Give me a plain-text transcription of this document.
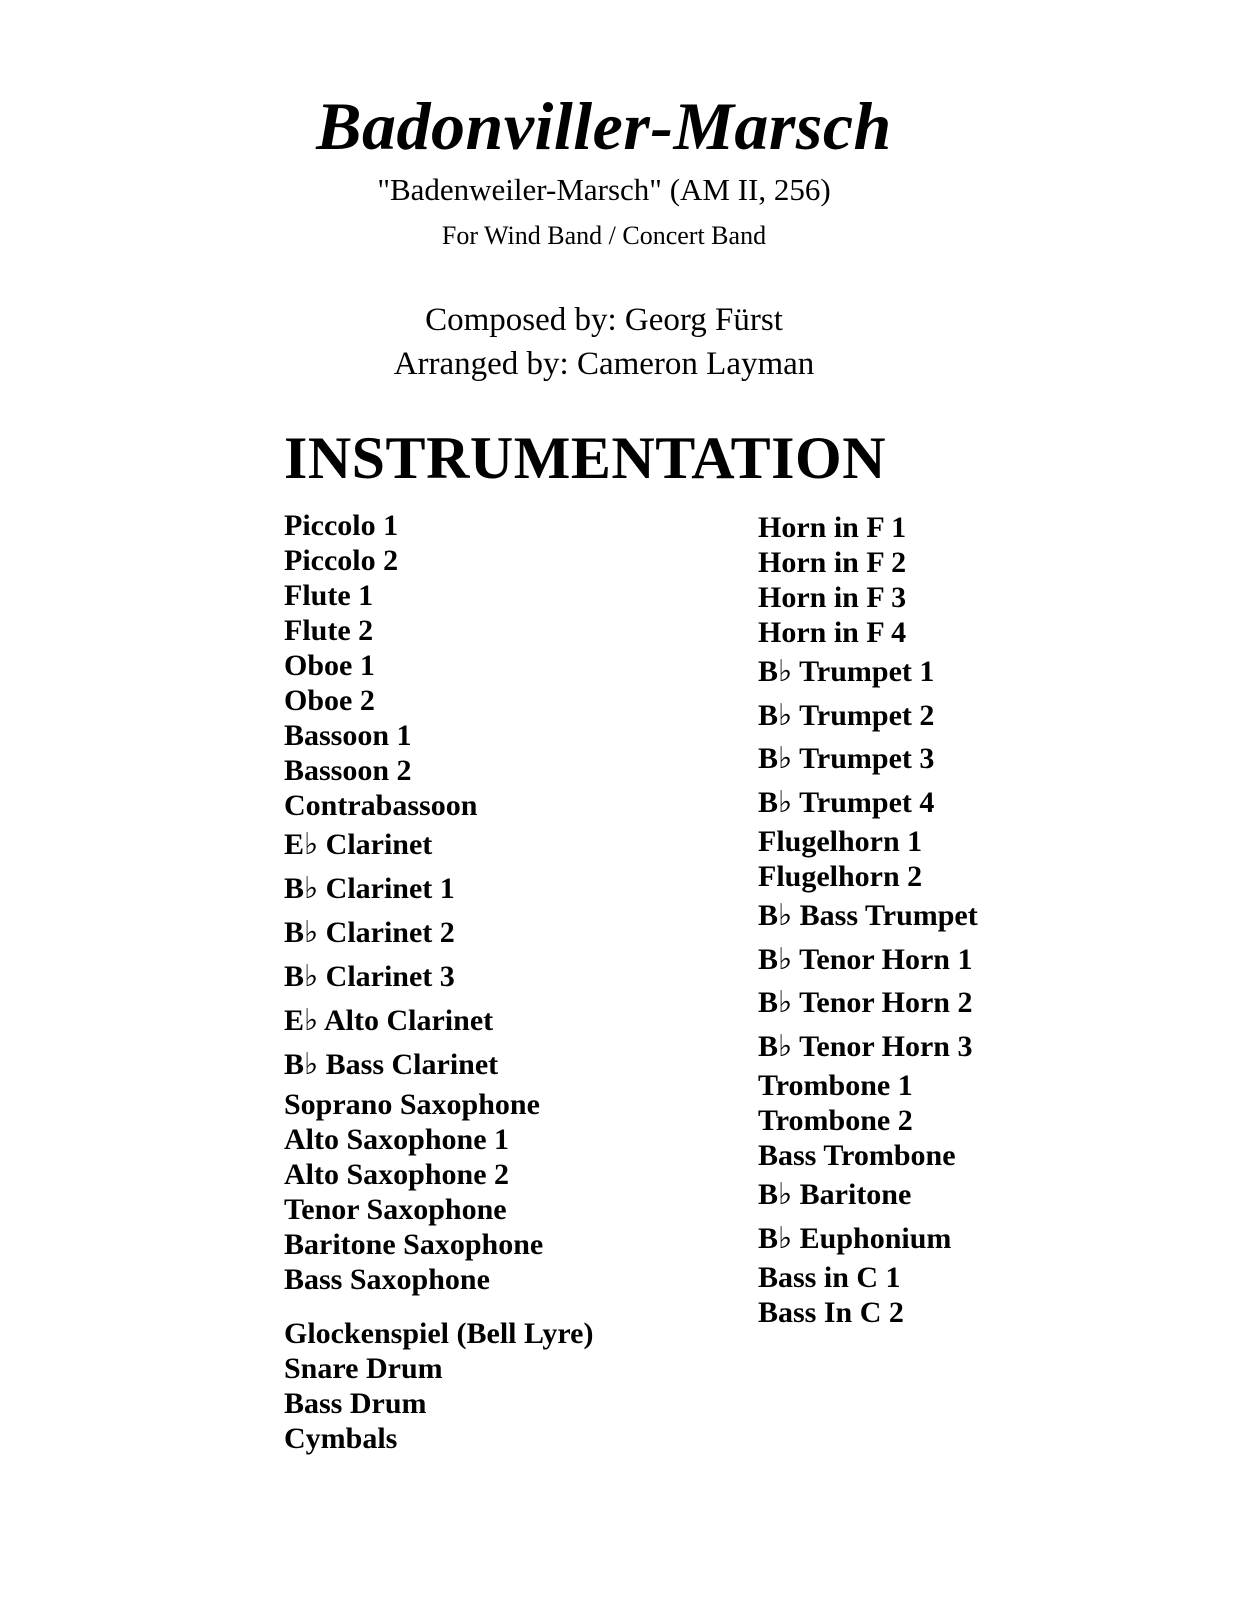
Badonviller-Marsch
"Badenweiler-Marsch" (AM II, 256)
For Wind Band / Concert Band
Composed by: Georg Fürst
Arranged by: Cameron Layman
INSTRUMENTATION
Piccolo 1
Piccolo 2
Flute 1
Flute 2
Oboe 1
Oboe 2
Bassoon 1
Bassoon 2
Contrabassoon
E♭ Clarinet
B♭ Clarinet 1
B♭ Clarinet 2
B♭ Clarinet 3
E♭ Alto Clarinet
B♭ Bass Clarinet
Soprano Saxophone
Alto Saxophone 1
Alto Saxophone 2
Tenor Saxophone
Baritone Saxophone
Bass Saxophone
Glockenspiel (Bell Lyre)
Snare Drum
Bass Drum
Cymbals
Horn in F 1
Horn in F 2
Horn in F 3
Horn in F 4
B♭ Trumpet 1
B♭ Trumpet 2
B♭ Trumpet 3
B♭ Trumpet 4
Flugelhorn 1
Flugelhorn 2
B♭ Bass Trumpet
B♭ Tenor Horn 1
B♭ Tenor Horn 2
B♭ Tenor Horn 3
Trombone 1
Trombone 2
Bass Trombone
B♭ Baritone
B♭ Euphonium
Bass in C 1
Bass In C 2
